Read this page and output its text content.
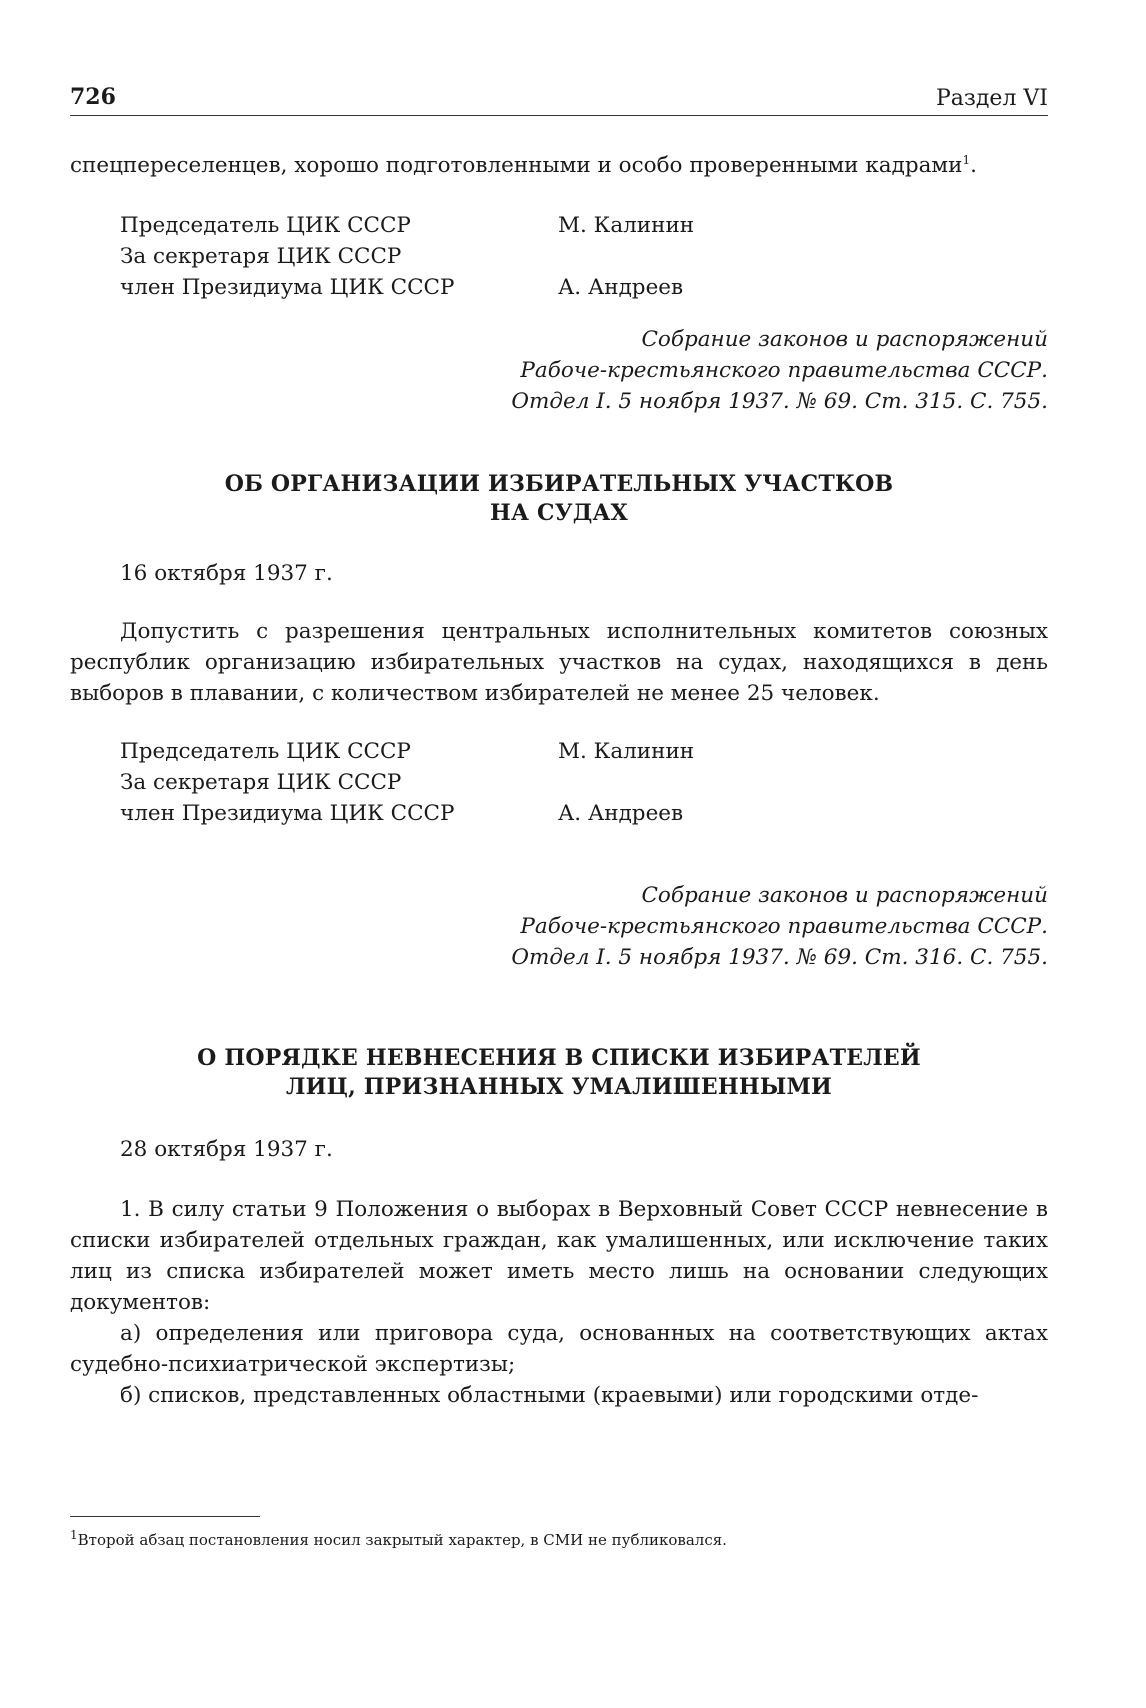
726	Раздел VI
спецпереселенцев, хорошо подготовленными и особо проверенными кадрами$^1$.
Председатель ЦИК СССР	М. Калинин
За секретаря ЦИК СССР
член Президиума ЦИК СССР	А. Андреев
Собрание законов и распоряжений
Рабоче-крестьянского правительства СССР.
Отдел I. 5 ноября 1937. № 69. Ст. 315. С. 755.
ОБ ОРГАНИЗАЦИИ ИЗБИРАТЕЛЬНЫХ УЧАСТКОВ
НА СУДАХ
16 октября 1937 г.
Допустить с разрешения центральных исполнительных комитетов союзных республик организацию избирательных участков на судах, находящихся в день выборов в плавании, с количеством избирателей не менее 25 человек.
Председатель ЦИК СССР	М. Калинин
За секретаря ЦИК СССР
член Президиума ЦИК СССР	А. Андреев
Собрание законов и распоряжений
Рабоче-крестьянского правительства СССР.
Отдел I. 5 ноября 1937. № 69. Ст. 316. С. 755.
О ПОРЯДКЕ НЕВНЕСЕНИЯ В СПИСКИ ИЗБИРАТЕЛЕЙ
ЛИЦ, ПРИЗНАННЫХ УМАЛИШЕННЫМИ
28 октября 1937 г.
1. В силу статьи 9 Положения о выборах в Верховный Совет СССР невнесение в списки избирателей отдельных граждан, как умалишенных, или исключение таких лиц из списка избирателей может иметь место лишь на основании следующих документов:
а) определения или приговора суда, основанных на соответствующих актах судебно-психиатрической экспертизы;
б) списков, представленных областными (краевыми) или городскими отде-
$^1$Второй абзац постановления носил закрытый характер, в СМИ не публиковался.
